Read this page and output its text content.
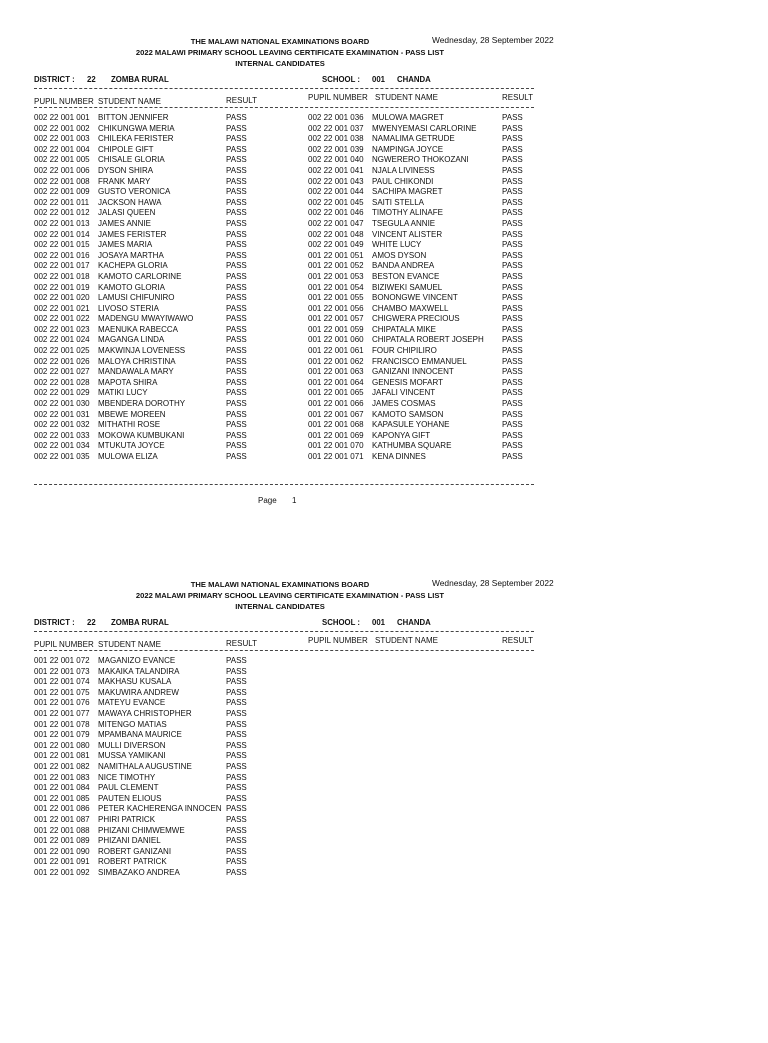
THE MALAWI NATIONAL EXAMINATIONS BOARD	Wednesday, 28 September 2022
2022 MALAWI PRIMARY SCHOOL LEAVING CERTIFICATE EXAMINATION - PASS LIST
INTERNAL CANDIDATES
DISTRICT : 22 ZOMBA RURAL	SCHOOL : 001 CHANDA
PUPIL NUMBER STUDENT NAME	RESULT	PUPIL NUMBER STUDENT NAME	RESULT
002 22 001 001 BITTON JENNIFER	PASS
002 22 001 002 CHIKUNGWA MERIA	PASS
002 22 001 003 CHILEKA FERISTER	PASS
002 22 001 004 CHIPOLE GIFT	PASS
002 22 001 005 CHISALE GLORIA	PASS
002 22 001 006 DYSON SHIRA	PASS
002 22 001 008 FRANK MARY	PASS
002 22 001 009 GUSTO VERONICA	PASS
002 22 001 011 JACKSON HAWA	PASS
002 22 001 012 JALASI QUEEN	PASS
002 22 001 013 JAMES ANNIE	PASS
002 22 001 014 JAMES FERISTER	PASS
002 22 001 015 JAMES MARIA	PASS
002 22 001 016 JOSAYA MARTHA	PASS
002 22 001 017 KACHEPA GLORIA	PASS
002 22 001 018 KAMOTO CARLORINE	PASS
002 22 001 019 KAMOTO GLORIA	PASS
002 22 001 020 LAMUSI CHIFUNIRO	PASS
002 22 001 021 LIVOSO STERIA	PASS
002 22 001 022 MADENGU MWAYIWAWO	PASS
002 22 001 023 MAENUKA RABECCA	PASS
002 22 001 024 MAGANGA LINDA	PASS
002 22 001 025 MAKWINJA LOVENESS	PASS
002 22 001 026 MALOYA CHRISTINA	PASS
002 22 001 027 MANDAWALA MARY	PASS
002 22 001 028 MAPOTA SHIRA	PASS
002 22 001 029 MATIKI LUCY	PASS
002 22 001 030 MBENDERA DOROTHY	PASS
002 22 001 031 MBEWE MOREEN	PASS
002 22 001 032 MITHATHI ROSE	PASS
002 22 001 033 MOKOWA KUMBUKANI	PASS
002 22 001 034 MTUKUTA JOYCE	PASS
002 22 001 035 MULOWA ELIZA	PASS
002 22 001 036 MULOWA MAGRET	PASS
002 22 001 037 MWENYEMASI CARLORINE	PASS
002 22 001 038 NAMALIMA GETRUDE	PASS
002 22 001 039 NAMPINGA JOYCE	PASS
002 22 001 040 NGWERERO THOKOZANI	PASS
002 22 001 041 NJALA LIVINESS	PASS
002 22 001 043 PAUL CHIKONDI	PASS
002 22 001 044 SACHIPA MAGRET	PASS
002 22 001 045 SAITI STELLA	PASS
002 22 001 046 TIMOTHY ALINAFE	PASS
002 22 001 047 TSEGULA ANNIE	PASS
002 22 001 048 VINCENT ALISTER	PASS
002 22 001 049 WHITE LUCY	PASS
001 22 001 051 AMOS DYSON	PASS
001 22 001 052 BANDA ANDREA	PASS
001 22 001 053 BESTON EVANCE	PASS
001 22 001 054 BIZIWEKI SAMUEL	PASS
001 22 001 055 BONONGWE VINCENT	PASS
001 22 001 056 CHAMBO MAXWELL	PASS
001 22 001 057 CHIGWERA PRECIOUS	PASS
001 22 001 059 CHIPATALA MIKE	PASS
001 22 001 060 CHIPATALA ROBERT JOSEPH PASS
001 22 001 061 FOUR CHIPILIRO	PASS
001 22 001 062 FRANCISCO EMMANUEL	PASS
001 22 001 063 GANIZANI INNOCENT	PASS
001 22 001 064 GENESIS MOFART	PASS
001 22 001 065 JAFALI VINCENT	PASS
001 22 001 066 JAMES COSMAS	PASS
001 22 001 067 KAMOTO SAMSON	PASS
001 22 001 068 KAPASULE YOHANE	PASS
001 22 001 069 KAPONYA GIFT	PASS
001 22 001 070 KATHUMBA SQUARE	PASS
001 22 001 071 KENA DINNES	PASS
Page 1
THE MALAWI NATIONAL EXAMINATIONS BOARD	Wednesday, 28 September 2022
2022 MALAWI PRIMARY SCHOOL LEAVING CERTIFICATE EXAMINATION - PASS LIST
INTERNAL CANDIDATES
DISTRICT : 22 ZOMBA RURAL	SCHOOL : 001 CHANDA
PUPIL NUMBER STUDENT NAME	RESULT	PUPIL NUMBER STUDENT NAME	RESULT
001 22 001 072 MAGANIZO EVANCE	PASS
001 22 001 073 MAKAIKA TALANDIRA	PASS
001 22 001 074 MAKHASU KUSALA	PASS
001 22 001 075 MAKUWIRA ANDREW	PASS
001 22 001 076 MATEYU EVANCE	PASS
001 22 001 077 MAWAYA CHRISTOPHER	PASS
001 22 001 078 MITENGO MATIAS	PASS
001 22 001 079 MPAMBANA MAURICE	PASS
001 22 001 080 MULLI DIVERSON	PASS
001 22 001 081 MUSSA YAMIKANI	PASS
001 22 001 082 NAMITHALA AUGUSTINE	PASS
001 22 001 083 NICE TIMOTHY	PASS
001 22 001 084 PAUL CLEMENT	PASS
001 22 001 085 PAUTEN ELIOUS	PASS
001 22 001 086 PETER KACHERENGA INNOCEN PASS
001 22 001 087 PHIRI PATRICK	PASS
001 22 001 088 PHIZANI CHIMWEMWE	PASS
001 22 001 089 PHIZANI DANIEL	PASS
001 22 001 090 ROBERT GANIZANI	PASS
001 22 001 091 ROBERT PATRICK	PASS
001 22 001 092 SIMBAZAKO ANDREA	PASS
